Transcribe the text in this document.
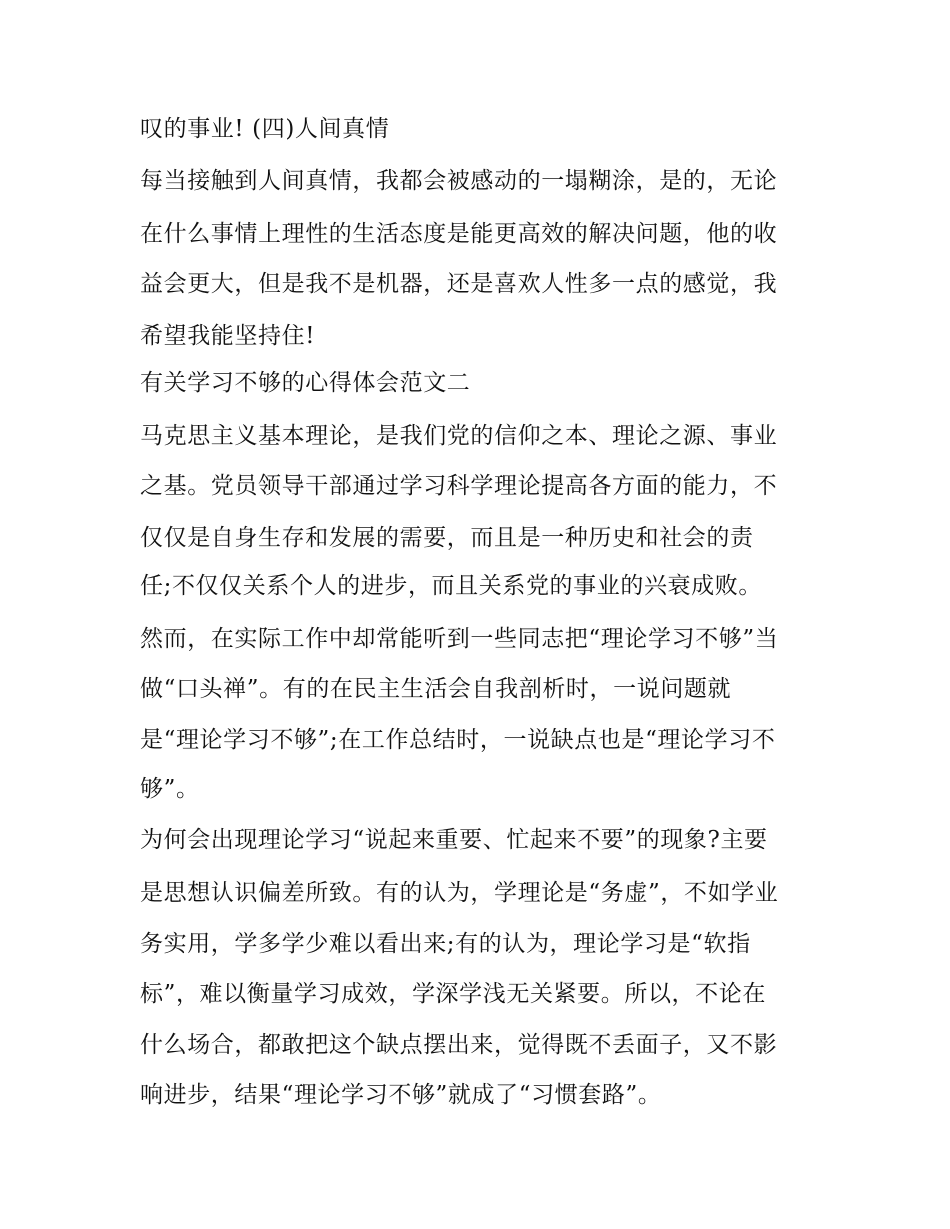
叹的事业! (四)人间真情

每当接触到人间真情，我都会被感动的一塌糊涂，是的，无论

在什么事情上理性的生活态度是能更高效的解决问题，他的收

益会更大，但是我不是机器，还是喜欢人性多一点的感觉，我

希望我能坚持住!

有关学习不够的心得体会范文二

马克思主义基本理论，是我们党的信仰之本、理论之源、事业

之基。党员领导干部通过学习科学理论提高各方面的能力，不

仅仅是自身生存和发展的需要，而且是一种历史和社会的责

任;不仅仅关系个人的进步，而且关系党的事业的兴衰成败。

然而，在实际工作中却常能听到一些同志把“理论学习不够”当

做“口头禅”。有的在民主生活会自我剖析时，一说问题就

是“理论学习不够”;在工作总结时，一说缺点也是“理论学习不

够”。

为何会出现理论学习“说起来重要、忙起来不要”的现象?主要

是思想认识偏差所致。有的认为，学理论是“务虚”，不如学业

务实用，学多学少难以看出来;有的认为，理论学习是“软指

标”，难以衡量学习成效，学深学浅无关紧要。所以，不论在

什么场合，都敢把这个缺点摆出来，觉得既不丢面子，又不影

响进步，结果“理论学习不够”就成了“习惯套路”。
